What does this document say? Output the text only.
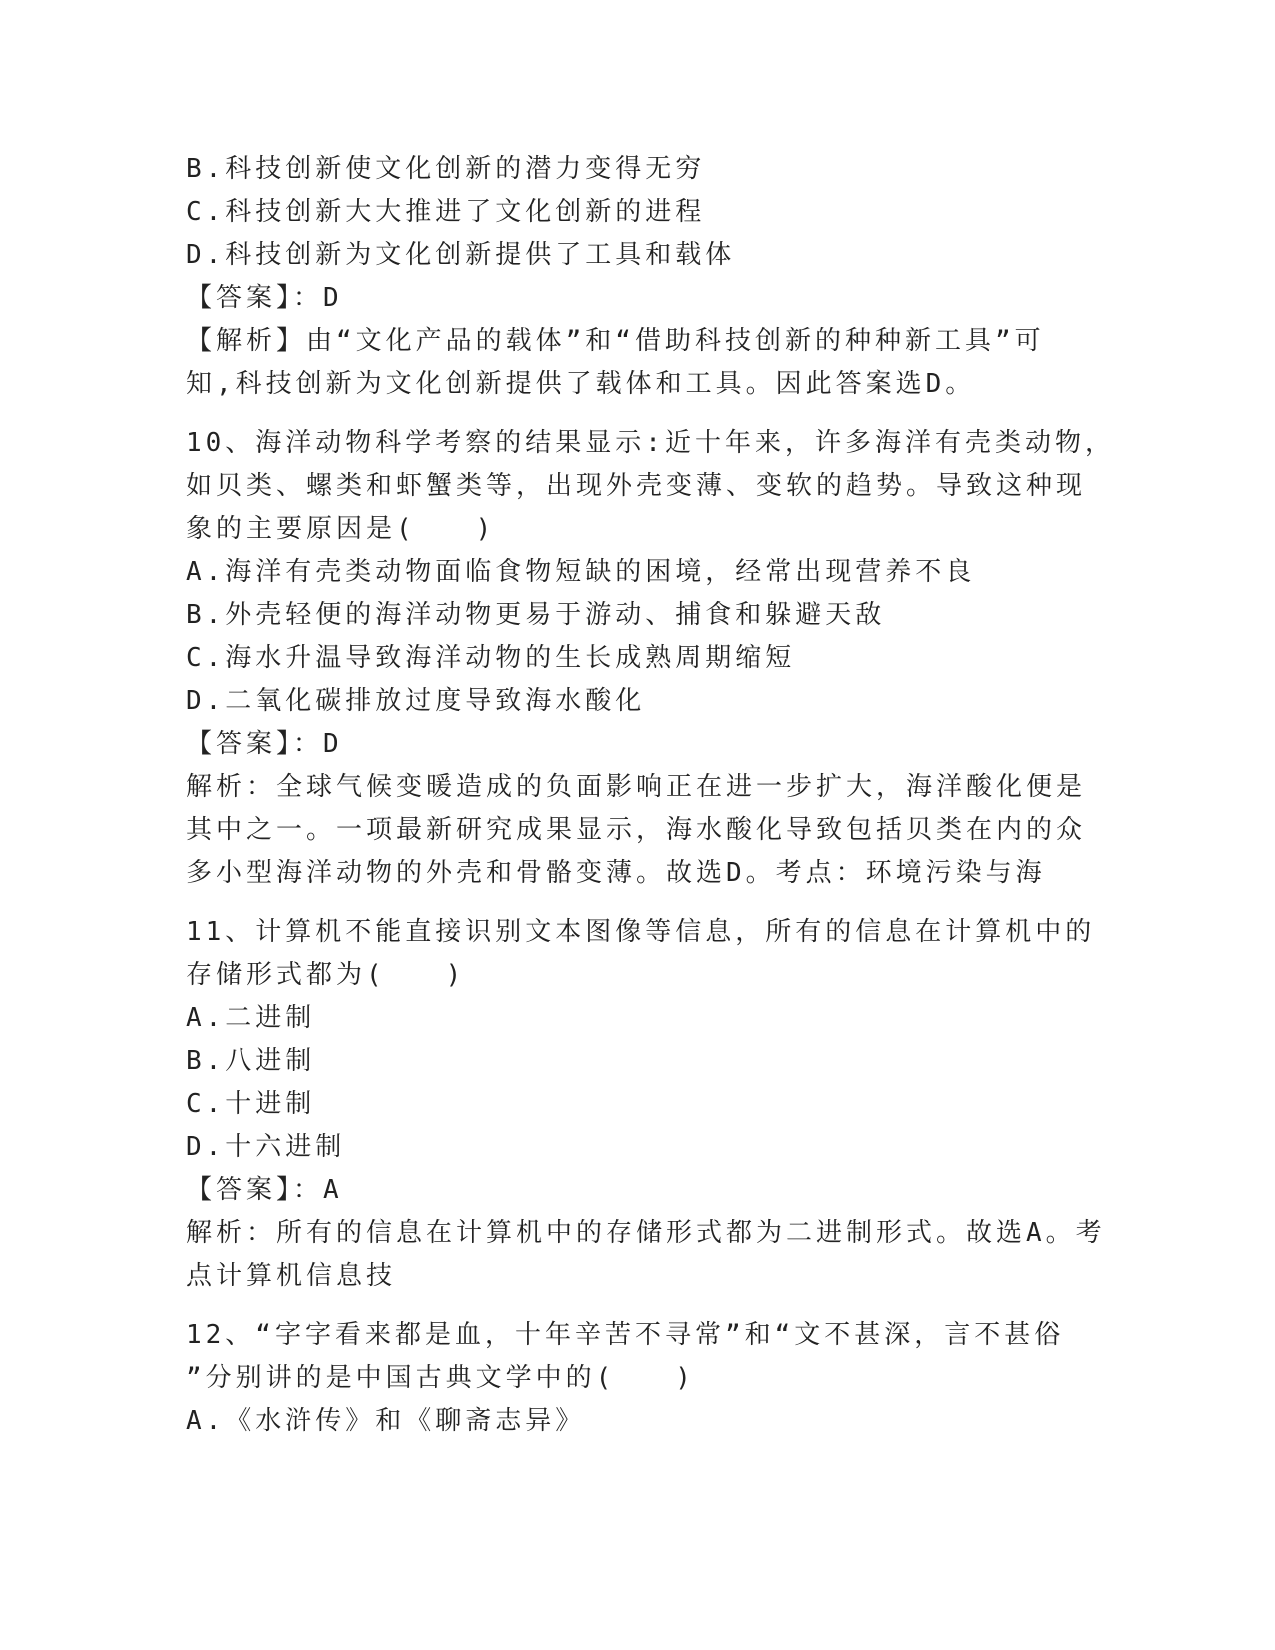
B.科技创新使文化创新的潜力变得无穷
C.科技创新大大推进了文化创新的进程
D.科技创新为文化创新提供了工具和载体
【答案】：D
【解析】由“文化产品的载体”和“借助科技创新的种种新工具”可
知,科技创新为文化创新提供了载体和工具。因此答案选D。
10、海洋动物科学考察的结果显示:近十年来，许多海洋有壳类动物，
如贝类、螺类和虾蟹类等，出现外壳变薄、变软的趋势。导致这种现
象的主要原因是(　　)
A.海洋有壳类动物面临食物短缺的困境，经常出现营养不良
B.外壳轻便的海洋动物更易于游动、捕食和躲避天敌
C.海水升温导致海洋动物的生长成熟周期缩短
D.二氧化碳排放过度导致海水酸化
【答案】：D
解析：全球气候变暖造成的负面影响正在进一步扩大，海洋酸化便是
其中之一。一项最新研究成果显示，海水酸化导致包括贝类在内的众
多小型海洋动物的外壳和骨骼变薄。故选D。考点：环境污染与海
11、计算机不能直接识别文本图像等信息，所有的信息在计算机中的
存储形式都为(　　)
A.二进制
B.八进制
C.十进制
D.十六进制
【答案】：A
解析：所有的信息在计算机中的存储形式都为二进制形式。故选A。考
点计算机信息技
12、“字字看来都是血，十年辛苦不寻常”和“文不甚深，言不甚俗
”分别讲的是中国古典文学中的(　　)
A.《水浒传》和《聊斋志异》
